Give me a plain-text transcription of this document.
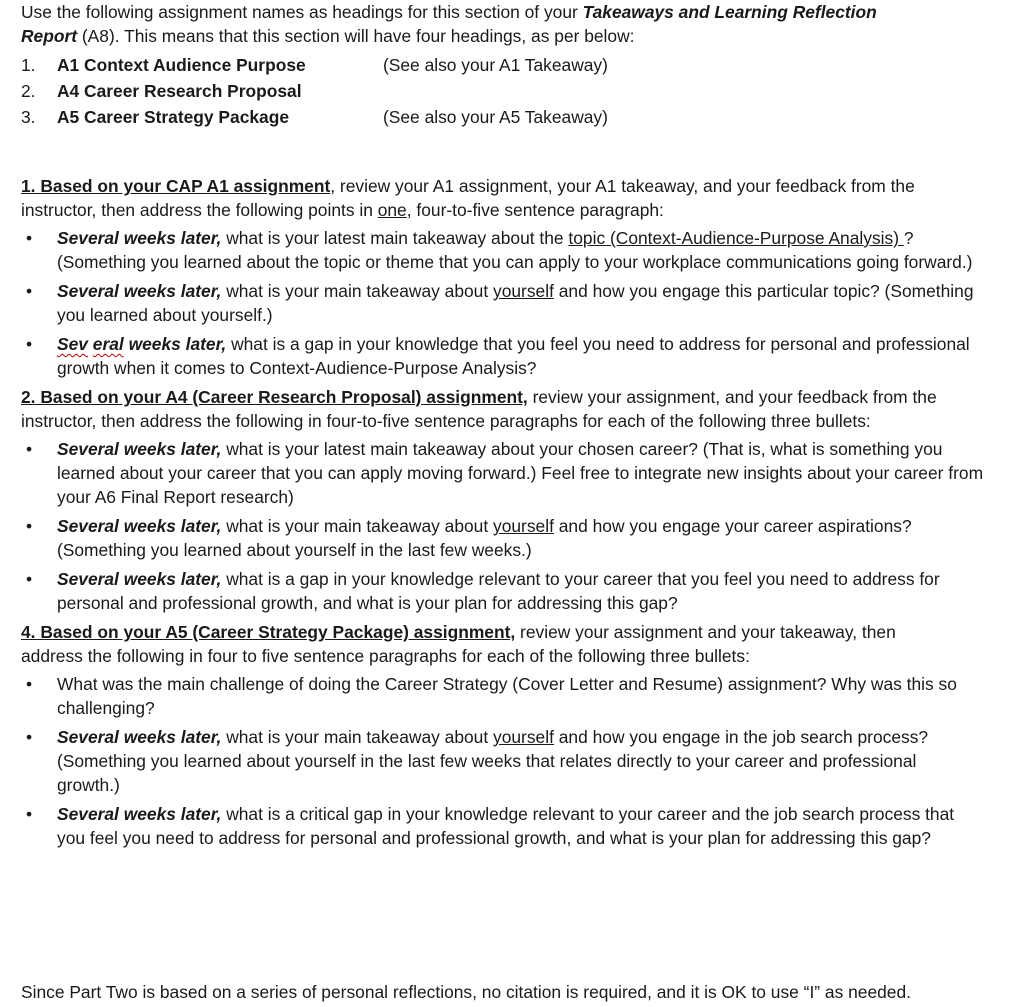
Use the following assignment names as headings for this section of your Takeaways and Learning Reflection Report (A8). This means that this section will have four headings, as per below:

1. A1 Context Audience Purpose	(See also your A1 Takeaway)
2. A4 Career Research Proposal
3. A5 Career Strategy Package	(See also your A5 Takeaway)

1. Based on your CAP A1 assignment, review your A1 assignment, your A1 takeaway, and your feedback from the instructor, then address the following points in one, four-to-five sentence paragraph:

• Several weeks later, what is your latest main takeaway about the topic (Context-Audience-Purpose Analysis) ? (Something you learned about the topic or theme that you can apply to your workplace communications going forward.)
• Several weeks later, what is your main takeaway about yourself and how you engage this particular topic? (Something you learned about yourself.)
• Sev eral weeks later, what is a gap in your knowledge that you feel you need to address for personal and professional growth when it comes to Context-Audience-Purpose Analysis?

2. Based on your A4 (Career Research Proposal) assignment, review your assignment, and your feedback from the instructor, then address the following in four-to-five sentence paragraphs for each of the following three bullets:

• Several weeks later, what is your latest main takeaway about your chosen career? (That is, what is something you learned about your career that you can apply moving forward.) Feel free to integrate new insights about your career from your A6 Final Report research)
• Several weeks later, what is your main takeaway about yourself and how you engage your career aspirations? (Something you learned about yourself in the last few weeks.)
• Several weeks later, what is a gap in your knowledge relevant to your career that you feel you need to address for personal and professional growth, and what is your plan for addressing this gap?

4. Based on your A5 (Career Strategy Package) assignment, review your assignment and your takeaway, then address the following in four to five sentence paragraphs for each of the following three bullets:

• What was the main challenge of doing the Career Strategy (Cover Letter and Resume) assignment? Why was this so challenging?
• Several weeks later, what is your main takeaway about yourself and how you engage in the job search process? (Something you learned about yourself in the last few weeks that relates directly to your career and professional growth.)
• Several weeks later, what is a critical gap in your knowledge relevant to your career and the job search process that you feel you need to address for personal and professional growth, and what is your plan for addressing this gap?

Since Part Two is based on a series of personal reflections, no citation is required, and it is OK to use “I” as needed.
